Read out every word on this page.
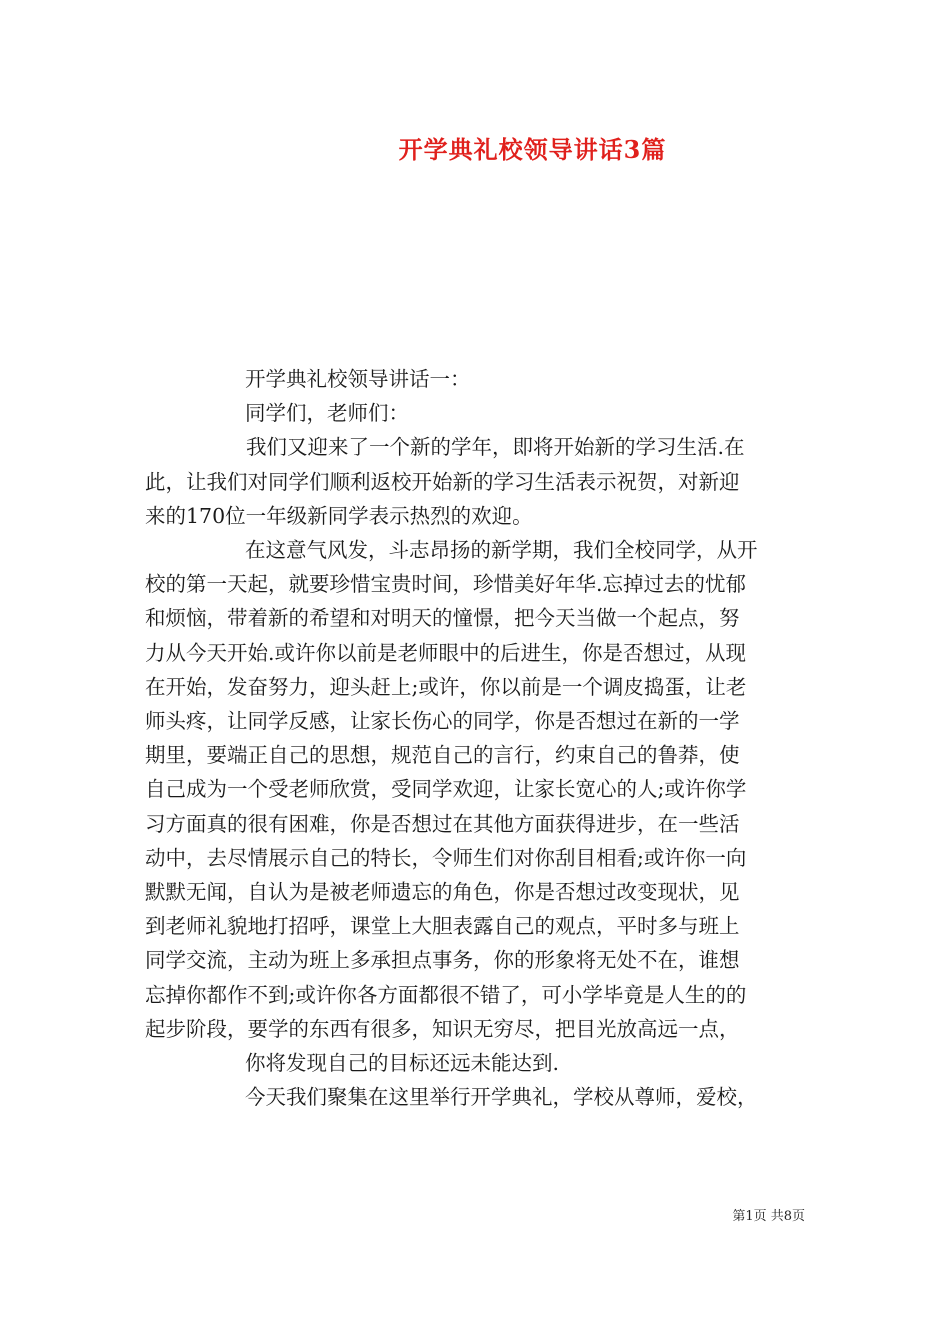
开学典礼校领导讲话3篇

开学典礼校领导讲话一：

同学们，老师们：

我们又迎来了一个新的学年，即将开始新的学习生活.在

此，让我们对同学们顺利返校开始新的学习生活表示祝贺，对新迎

来的170位一年级新同学表示热烈的欢迎。

在这意气风发，斗志昂扬的新学期，我们全校同学，从开

校的第一天起，就要珍惜宝贵时间，珍惜美好年华.忘掉过去的忧郁

和烦恼，带着新的希望和对明天的憧憬，把今天当做一个起点，努

力从今天开始.或许你以前是老师眼中的后进生，你是否想过，从现

在开始，发奋努力，迎头赶上;或许，你以前是一个调皮捣蛋，让老

师头疼，让同学反感，让家长伤心的同学，你是否想过在新的一学

期里，要端正自己的思想，规范自己的言行，约束自己的鲁莽，使

自己成为一个受老师欣赏，受同学欢迎，让家长宽心的人;或许你学

习方面真的很有困难，你是否想过在其他方面获得进步，在一些活

动中，去尽情展示自己的特长，令师生们对你刮目相看;或许你一向

默默无闻，自认为是被老师遗忘的角色，你是否想过改变现状，见

到老师礼貌地打招呼，课堂上大胆表露自己的观点，平时多与班上

同学交流，主动为班上多承担点事务，你的形象将无处不在，谁想

忘掉你都作不到;或许你各方面都很不错了，可小学毕竟是人生的的

起步阶段，要学的东西有很多，知识无穷尽，把目光放高远一点，

你将发现自己的目标还远未能达到.

今天我们聚集在这里举行开学典礼，学校从尊师，爱校，

第1页 共8页
